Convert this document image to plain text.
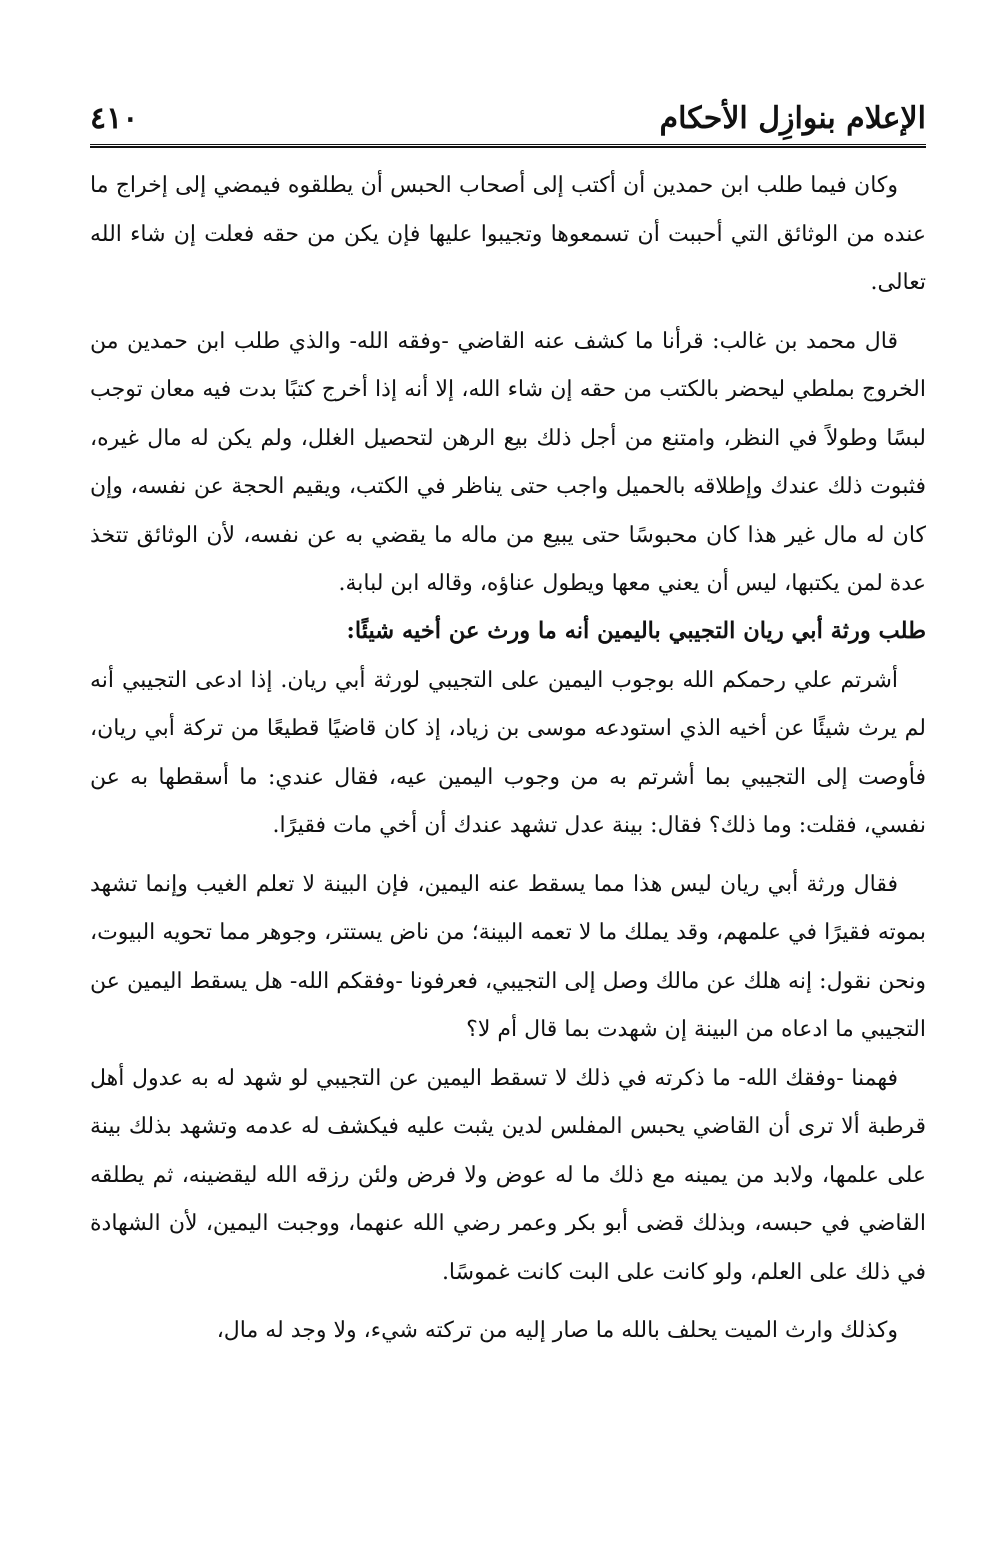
الإعلام بنوازِل الأحكام
٤١٠

وكان فيما طلب ابن حمدين أن أكتب إلى أصحاب الحبس أن يطلقوه فيمضي إلى إخراج ما عنده من الوثائق التي أحببت أن تسمعوها وتجيبوا عليها فإن يكن من حقه فعلت إن شاء الله تعالى.

قال محمد بن غالب: قرأنا ما كشف عنه القاضي -وفقه الله- والذي طلب ابن حمدين من الخروج بملطي ليحضر بالكتب من حقه إن شاء الله، إلا أنه إذا أخرج كتبًا بدت فيه معان توجب لبسًا وطولاً في النظر، وامتنع من أجل ذلك بيع الرهن لتحصيل الغلل، ولم يكن له مال غيره، فثبوت ذلك عندك وإطلاقه بالحميل واجب حتى يناظر في الكتب، ويقيم الحجة عن نفسه، وإن كان له مال غير هذا كان محبوسًا حتى يبيع من ماله ما يقضي به عن نفسه، لأن الوثائق تتخذ عدة لمن يكتبها، ليس أن يعني معها ويطول عناؤه، وقاله ابن لبابة.

طلب ورثة أبي ريان التجيبي باليمين أنه ما ورث عن أخيه شيئًا:

أشرتم علي رحمكم الله بوجوب اليمين على التجيبي لورثة أبي ريان. إذا ادعى التجيبي أنه لم يرث شيئًا عن أخيه الذي استودعه موسى بن زياد، إذ كان قاضيًا قطيعًا من تركة أبي ريان، فأوصت إلى التجيبي بما أشرتم به من وجوب اليمين عيه، فقال عندي: ما أسقطها به عن نفسي، فقلت: وما ذلك؟ فقال: بينة عدل تشهد عندك أن أخي مات فقيرًا.

فقال ورثة أبي ريان ليس هذا مما يسقط عنه اليمين، فإن البينة لا تعلم الغيب وإنما تشهد بموته فقيرًا في علمهم، وقد يملك ما لا تعمه البينة؛ من ناض يستتر، وجوهر مما تحويه البيوت، ونحن نقول: إنه هلك عن مالك وصل إلى التجيبي، فعرفونا -وفقكم الله- هل يسقط اليمين عن التجيبي ما ادعاه من البينة إن شهدت بما قال أم لا؟

فهمنا -وفقك الله- ما ذكرته في ذلك لا تسقط اليمين عن التجيبي لو شهد له به عدول أهل قرطبة ألا ترى أن القاضي يحبس المفلس لدين يثبت عليه فيكشف له عدمه وتشهد بذلك بينة على علمها، ولابد من يمينه مع ذلك ما له عوض ولا فرض ولئن رزقه الله ليقضينه، ثم يطلقه القاضي في حبسه، وبذلك قضى أبو بكر وعمر رضي الله عنهما، ووجبت اليمين، لأن الشهادة في ذلك على العلم، ولو كانت على البت كانت غموسًا.

وكذلك وارث الميت يحلف بالله ما صار إليه من تركته شيء، ولا وجد له مال،
